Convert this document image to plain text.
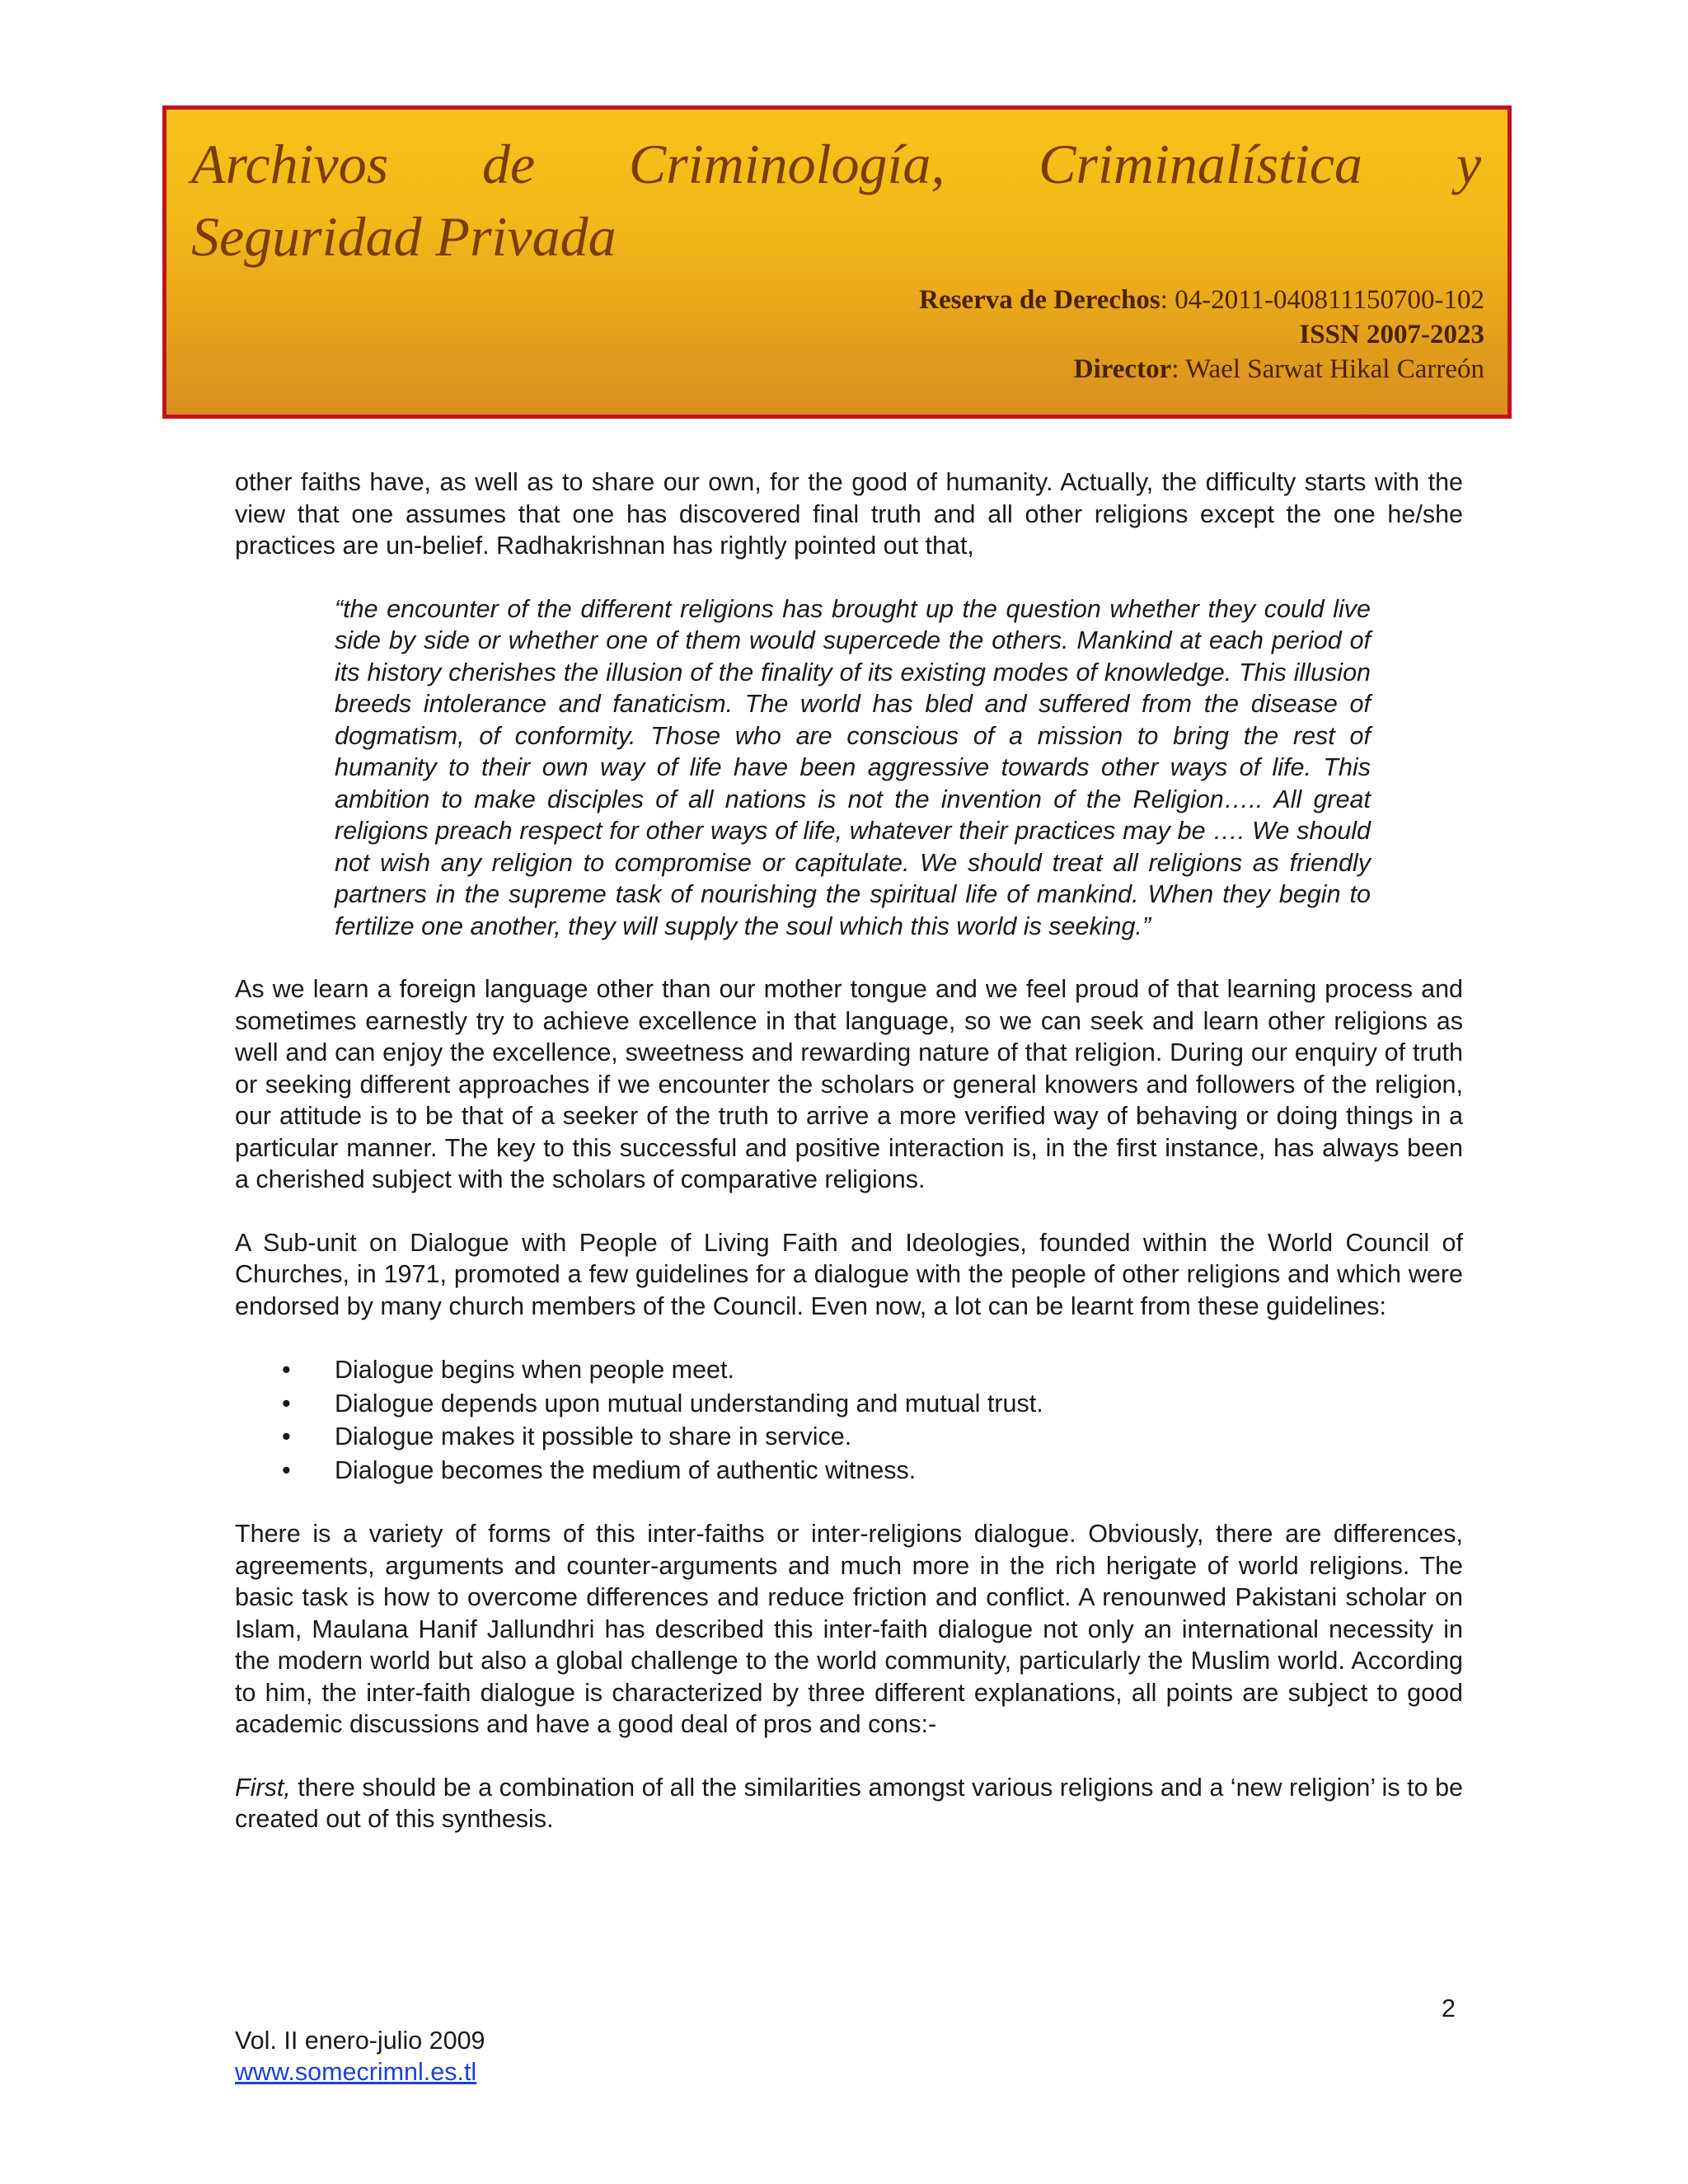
Archivos de Criminología, Criminalística y
Seguridad Privada
Reserva de Derechos: 04-2011-040811150700-102
ISSN 2007-2023
Director: Wael Sarwat Hikal Carreón

other faiths have, as well as to share our own, for the good of humanity. Actually, the difficulty starts with the view that one assumes that one has discovered final truth and all other religions except the one he/she practices are un-belief. Radhakrishnan has rightly pointed out that,

“the encounter of the different religions has brought up the question whether they could live side by side or whether one of them would supercede the others. Mankind at each period of its history cherishes the illusion of the finality of its existing modes of knowledge. This illusion breeds intolerance and fanaticism. The world has bled and suffered from the disease of dogmatism, of conformity. Those who are conscious of a mission to bring the rest of humanity to their own way of life have been aggressive towards other ways of life. This ambition to make disciples of all nations is not the invention of the Religion….. All great religions preach respect for other ways of life, whatever their practices may be …. We should not wish any religion to compromise or capitulate. We should treat all religions as friendly partners in the supreme task of nourishing the spiritual life of mankind. When they begin to fertilize one another, they will supply the soul which this world is seeking.”

As we learn a foreign language other than our mother tongue and we feel proud of that learning process and sometimes earnestly try to achieve excellence in that language, so we can seek and learn other religions as well and can enjoy the excellence, sweetness and rewarding nature of that religion. During our enquiry of truth or seeking different approaches if we encounter the scholars or general knowers and followers of the religion, our attitude is to be that of a seeker of the truth to arrive a more verified way of behaving or doing things in a particular manner. The key to this successful and positive interaction is, in the first instance, has always been a cherished subject with the scholars of comparative religions.

A Sub-unit on Dialogue with People of Living Faith and Ideologies, founded within the World Council of Churches, in 1971, promoted a few guidelines for a dialogue with the people of other religions and which were endorsed by many church members of the Council. Even now, a lot can be learnt from these guidelines:

• Dialogue begins when people meet.
• Dialogue depends upon mutual understanding and mutual trust.
• Dialogue makes it possible to share in service.
• Dialogue becomes the medium of authentic witness.

There is a variety of forms of this inter-faiths or inter-religions dialogue. Obviously, there are differences, agreements, arguments and counter-arguments and much more in the rich herigate of world religions. The basic task is how to overcome differences and reduce friction and conflict. A renounwed Pakistani scholar on Islam, Maulana Hanif Jallundhri has described this inter-faith dialogue not only an international necessity in the modern world but also a global challenge to the world community, particularly the Muslim world. According to him, the inter-faith dialogue is characterized by three different explanations, all points are subject to good academic discussions and have a good deal of pros and cons:-

First, there should be a combination of all the similarities amongst various religions and a ‘new religion’ is to be created out of this synthesis.

2
Vol. II enero-julio 2009
www.somecrimnl.es.tl
